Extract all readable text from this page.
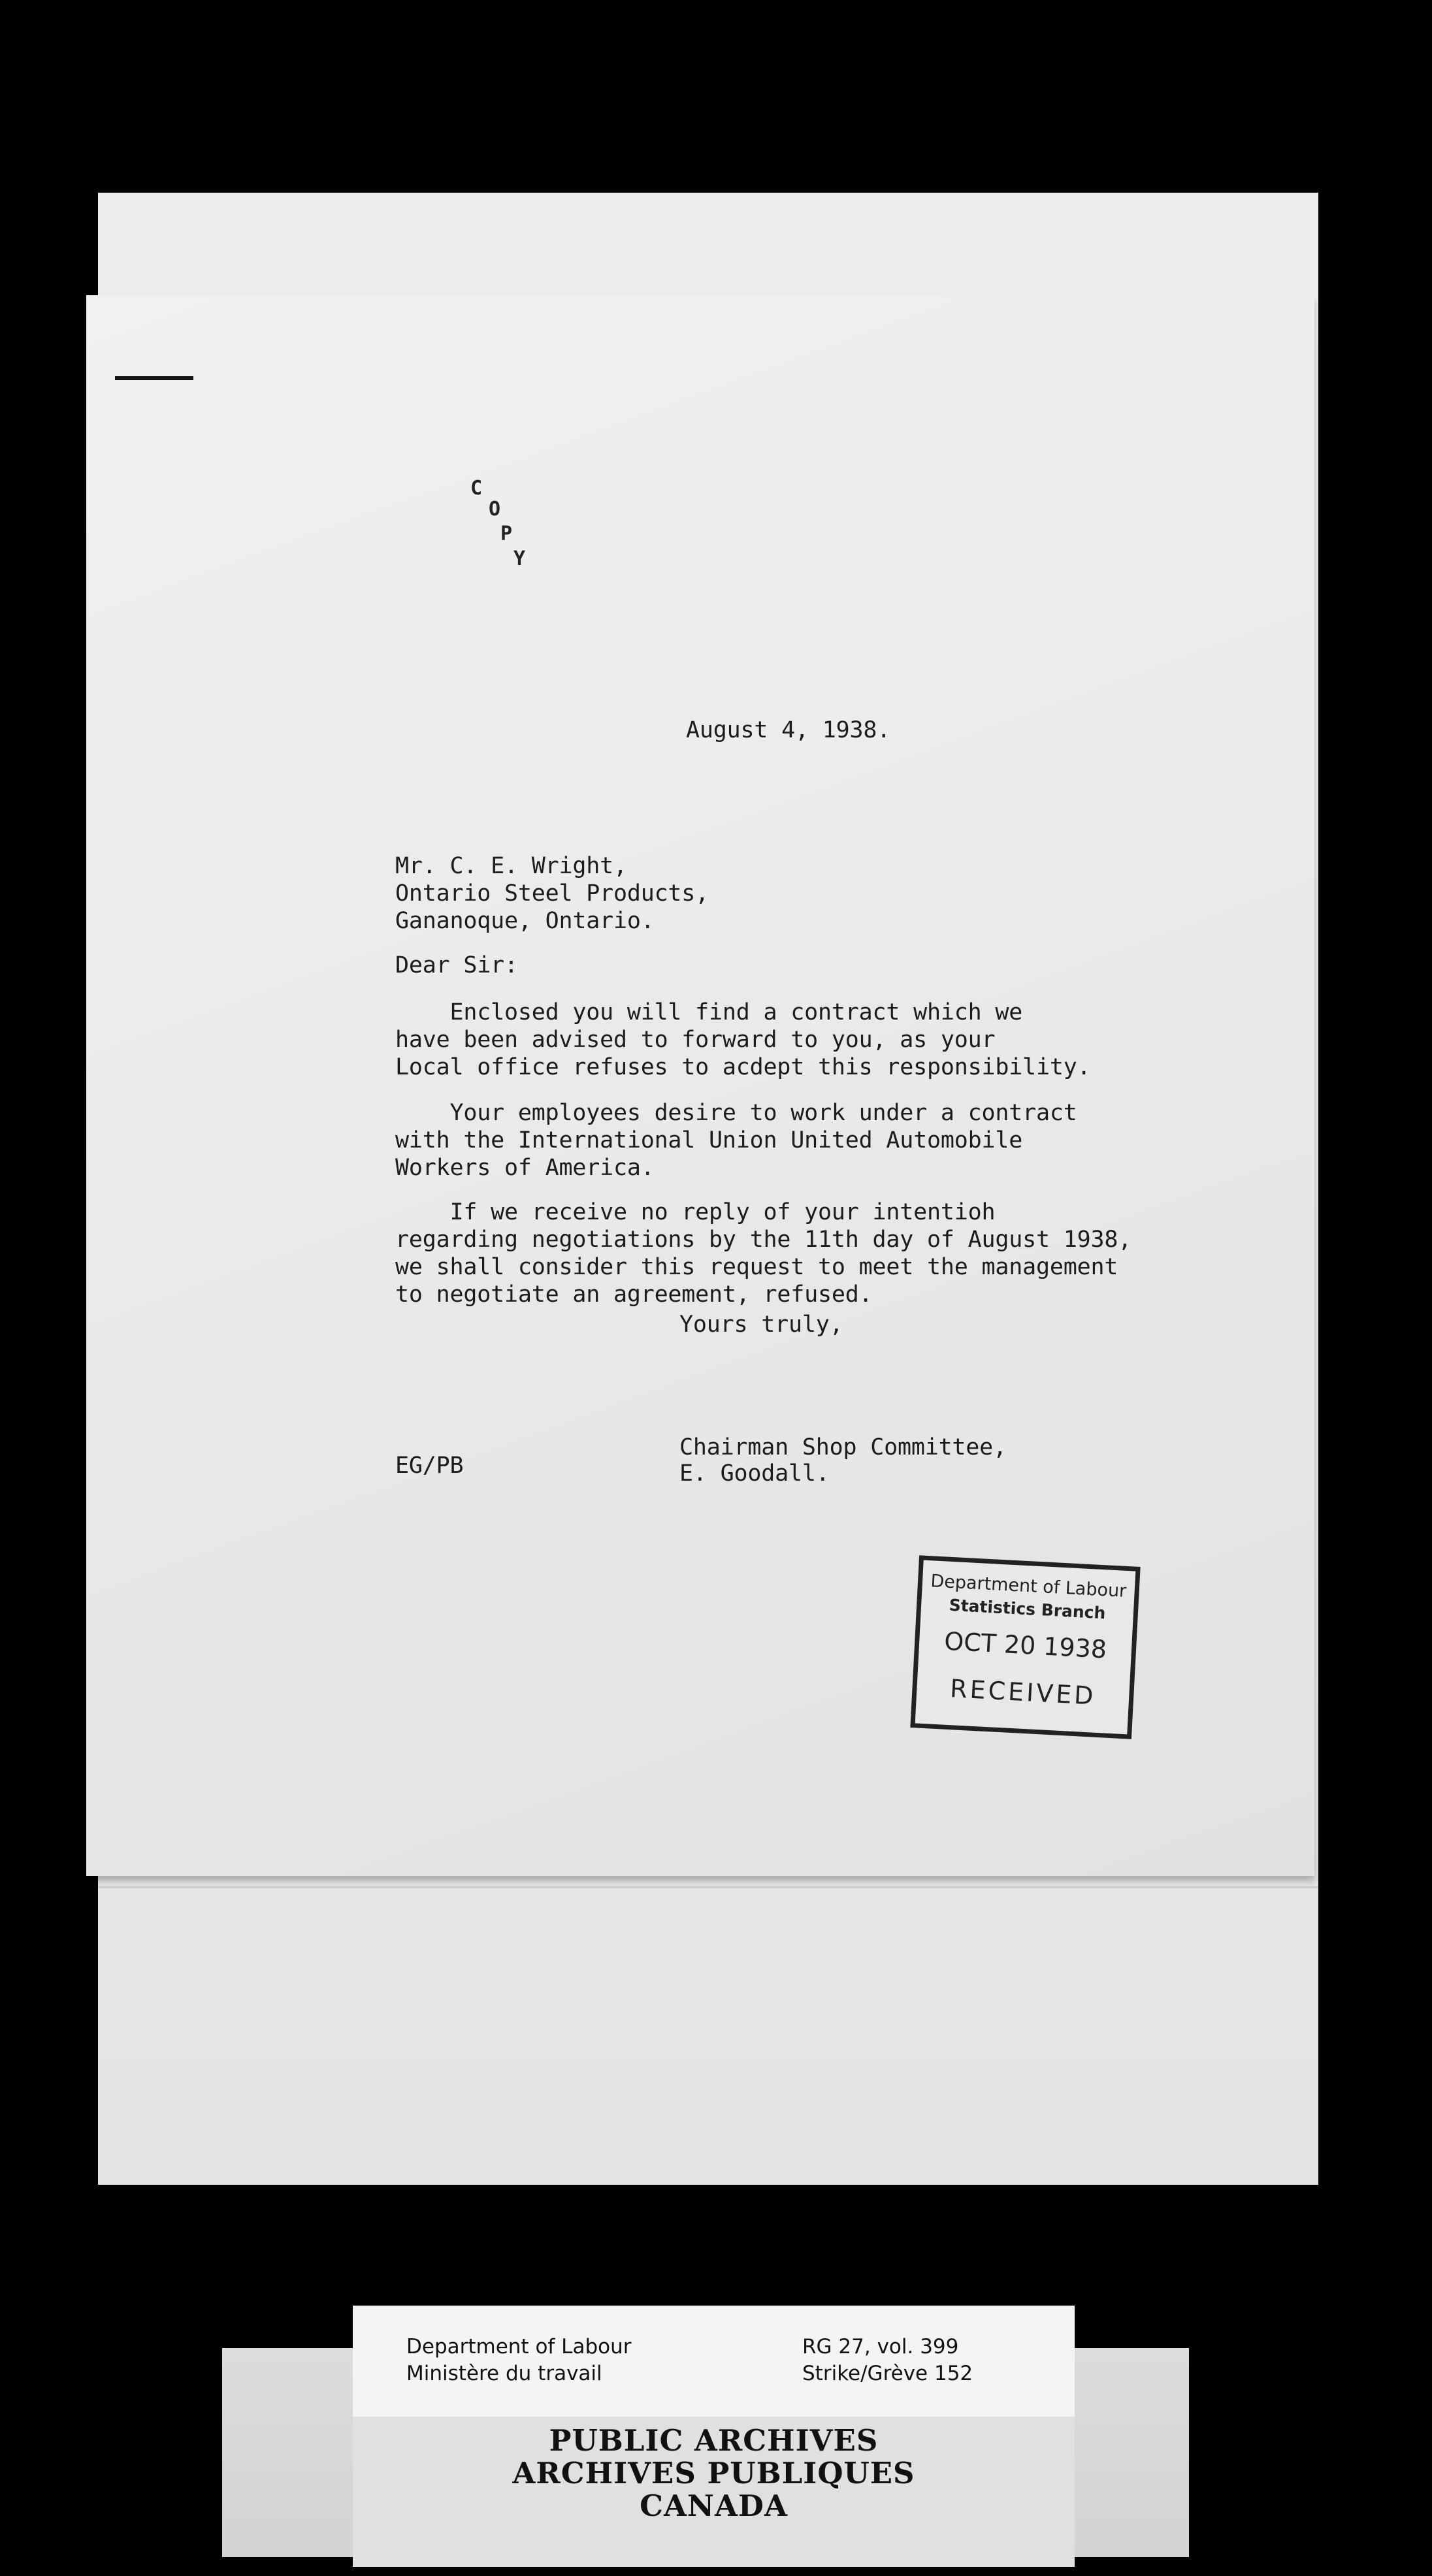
C
O
P
Y
August 4, 1938.
Mr. C. E. Wright,
Ontario Steel Products,
Gananoque, Ontario.
Dear Sir:
Enclosed you will find a contract which we
have been advised to forward to you, as your
Local office refuses to acdept this responsibility.
Your employees desire to work under a contract
with the International Union United Automobile
Workers of America.
If we receive no reply of your intentioh
regarding negotiations by the 11th day of August 1938,
we shall consider this request to meet the management
to negotiate an agreement, refused.
Yours truly,
Chairman Shop Committee,
E. Goodall.
EG/PB
Department of Labour
Statistics Branch
OCT 20 1938
RECEIVED
Department of Labour
Ministère du travail
RG 27, vol. 399
Strike/Grève 152
PUBLIC ARCHIVES
ARCHIVES PUBLIQUES
CANADA
